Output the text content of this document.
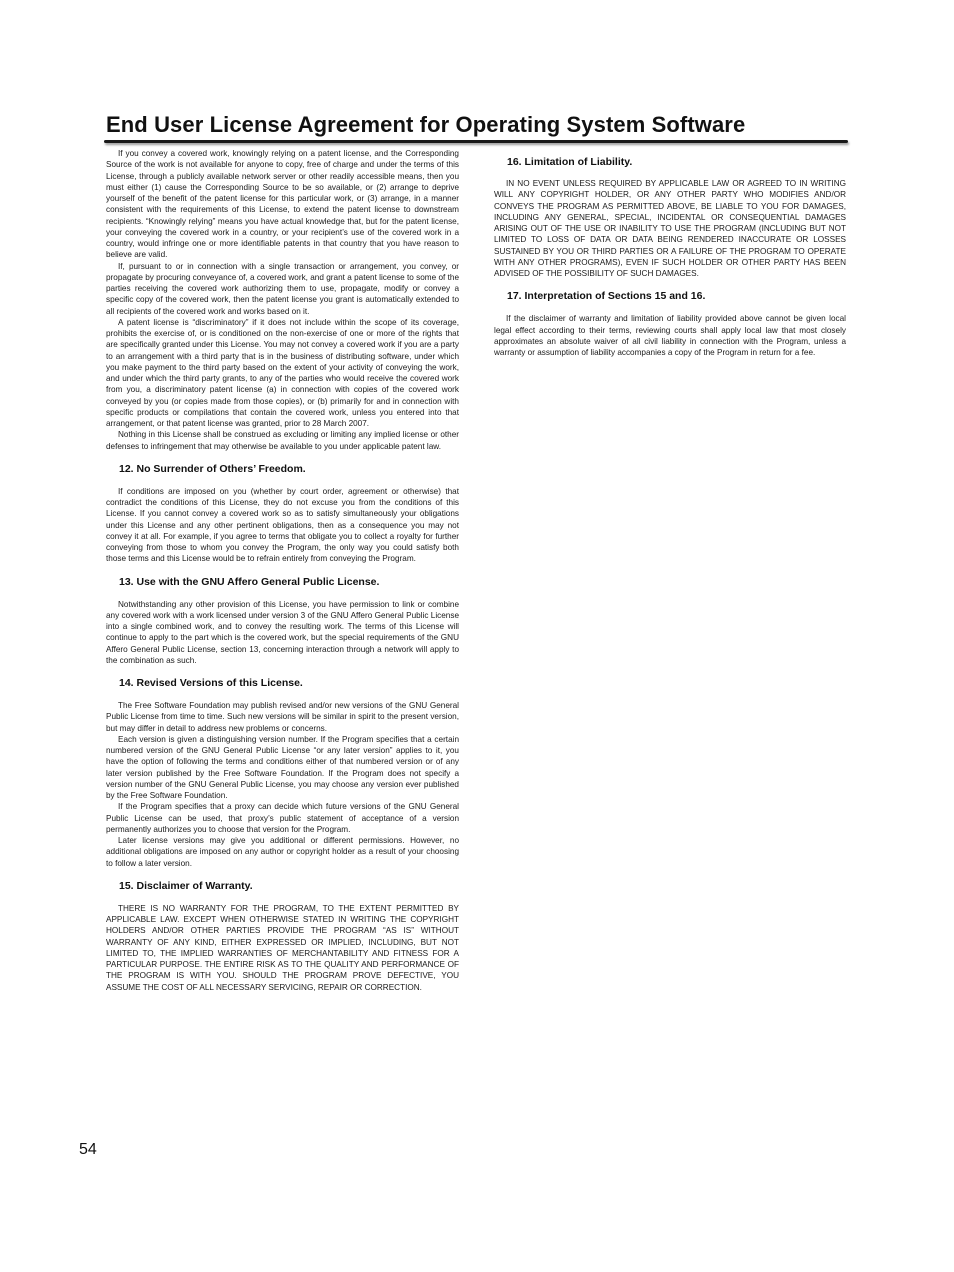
End User License Agreement for Operating System Software

If you convey a covered work, knowingly relying on a patent license, and the Corresponding Source of the work is not available for anyone to copy, free of charge and under the terms of this License, through a publicly available network server or other readily accessible means, then you must either (1) cause the Corresponding Source to be so available, or (2) arrange to deprive yourself of the benefit of the patent license for this particular work, or (3) arrange, in a manner consistent with the requirements of this License, to extend the patent license to downstream recipients. “Knowingly relying” means you have actual knowledge that, but for the patent license, your conveying the covered work in a country, or your recipient’s use of the covered work in a country, would infringe one or more identifiable patents in that country that you have reason to believe are valid.

If, pursuant to or in connection with a single transaction or arrangement, you convey, or propagate by procuring conveyance of, a covered work, and grant a patent license to some of the parties receiving the covered work authorizing them to use, propagate, modify or convey a specific copy of the covered work, then the patent license you grant is automatically extended to all recipients of the covered work and works based on it.

A patent license is “discriminatory” if it does not include within the scope of its coverage, prohibits the exercise of, or is conditioned on the non-exercise of one or more of the rights that are specifically granted under this License. You may not convey a covered work if you are a party to an arrangement with a third party that is in the business of distributing software, under which you make payment to the third party based on the extent of your activity of conveying the work, and under which the third party grants, to any of the parties who would receive the covered work from you, a discriminatory patent license (a) in connection with copies of the covered work conveyed by you (or copies made from those copies), or (b) primarily for and in connection with specific products or compilations that contain the covered work, unless you entered into that arrangement, or that patent license was granted, prior to 28 March 2007.

Nothing in this License shall be construed as excluding or limiting any implied license or other defenses to infringement that may otherwise be available to you under applicable patent law.

12. No Surrender of Others’ Freedom.

If conditions are imposed on you (whether by court order, agreement or otherwise) that contradict the conditions of this License, they do not excuse you from the conditions of this License. If you cannot convey a covered work so as to satisfy simultaneously your obligations under this License and any other pertinent obligations, then as a consequence you may not convey it at all. For example, if you agree to terms that obligate you to collect a royalty for further conveying from those to whom you convey the Program, the only way you could satisfy both those terms and this License would be to refrain entirely from conveying the Program.

13. Use with the GNU Affero General Public License.

Notwithstanding any other provision of this License, you have permission to link or combine any covered work with a work licensed under version 3 of the GNU Affero General Public License into a single combined work, and to convey the resulting work. The terms of this License will continue to apply to the part which is the covered work, but the special requirements of the GNU Affero General Public License, section 13, concerning interaction through a network will apply to the combination as such.

14. Revised Versions of this License.

The Free Software Foundation may publish revised and/or new versions of the GNU General Public License from time to time. Such new versions will be similar in spirit to the present version, but may differ in detail to address new problems or concerns.

Each version is given a distinguishing version number. If the Program specifies that a certain numbered version of the GNU General Public License “or any later version” applies to it, you have the option of following the terms and conditions either of that numbered version or of any later version published by the Free Software Foundation. If the Program does not specify a version number of the GNU General Public License, you may choose any version ever published by the Free Software Foundation.

If the Program specifies that a proxy can decide which future versions of the GNU General Public License can be used, that proxy’s public statement of acceptance of a version permanently authorizes you to choose that version for the Program.

Later license versions may give you additional or different permissions. However, no additional obligations are imposed on any author or copyright holder as a result of your choosing to follow a later version.

15. Disclaimer of Warranty.

THERE IS NO WARRANTY FOR THE PROGRAM, TO THE EXTENT PERMITTED BY APPLICABLE LAW. EXCEPT WHEN OTHERWISE STATED IN WRITING THE COPYRIGHT HOLDERS AND/OR OTHER PARTIES PROVIDE THE PROGRAM “AS IS” WITHOUT WARRANTY OF ANY KIND, EITHER EXPRESSED OR IMPLIED, INCLUDING, BUT NOT LIMITED TO, THE IMPLIED WARRANTIES OF MERCHANTABILITY AND FITNESS FOR A PARTICULAR PURPOSE. THE ENTIRE RISK AS TO THE QUALITY AND PERFORMANCE OF THE PROGRAM IS WITH YOU. SHOULD THE PROGRAM PROVE DEFECTIVE, YOU ASSUME THE COST OF ALL NECESSARY SERVICING, REPAIR OR CORRECTION.

16. Limitation of Liability.

IN NO EVENT UNLESS REQUIRED BY APPLICABLE LAW OR AGREED TO IN WRITING WILL ANY COPYRIGHT HOLDER, OR ANY OTHER PARTY WHO MODIFIES AND/OR CONVEYS THE PROGRAM AS PERMITTED ABOVE, BE LIABLE TO YOU FOR DAMAGES, INCLUDING ANY GENERAL, SPECIAL, INCIDENTAL OR CONSEQUENTIAL DAMAGES ARISING OUT OF THE USE OR INABILITY TO USE THE PROGRAM (INCLUDING BUT NOT LIMITED TO LOSS OF DATA OR DATA BEING RENDERED INACCURATE OR LOSSES SUSTAINED BY YOU OR THIRD PARTIES OR A FAILURE OF THE PROGRAM TO OPERATE WITH ANY OTHER PROGRAMS), EVEN IF SUCH HOLDER OR OTHER PARTY HAS BEEN ADVISED OF THE POSSIBILITY OF SUCH DAMAGES.

17. Interpretation of Sections 15 and 16.

If the disclaimer of warranty and limitation of liability provided above cannot be given local legal effect according to their terms, reviewing courts shall apply local law that most closely approximates an absolute waiver of all civil liability in connection with the Program, unless a warranty or assumption of liability accompanies a copy of the Program in return for a fee.

54
